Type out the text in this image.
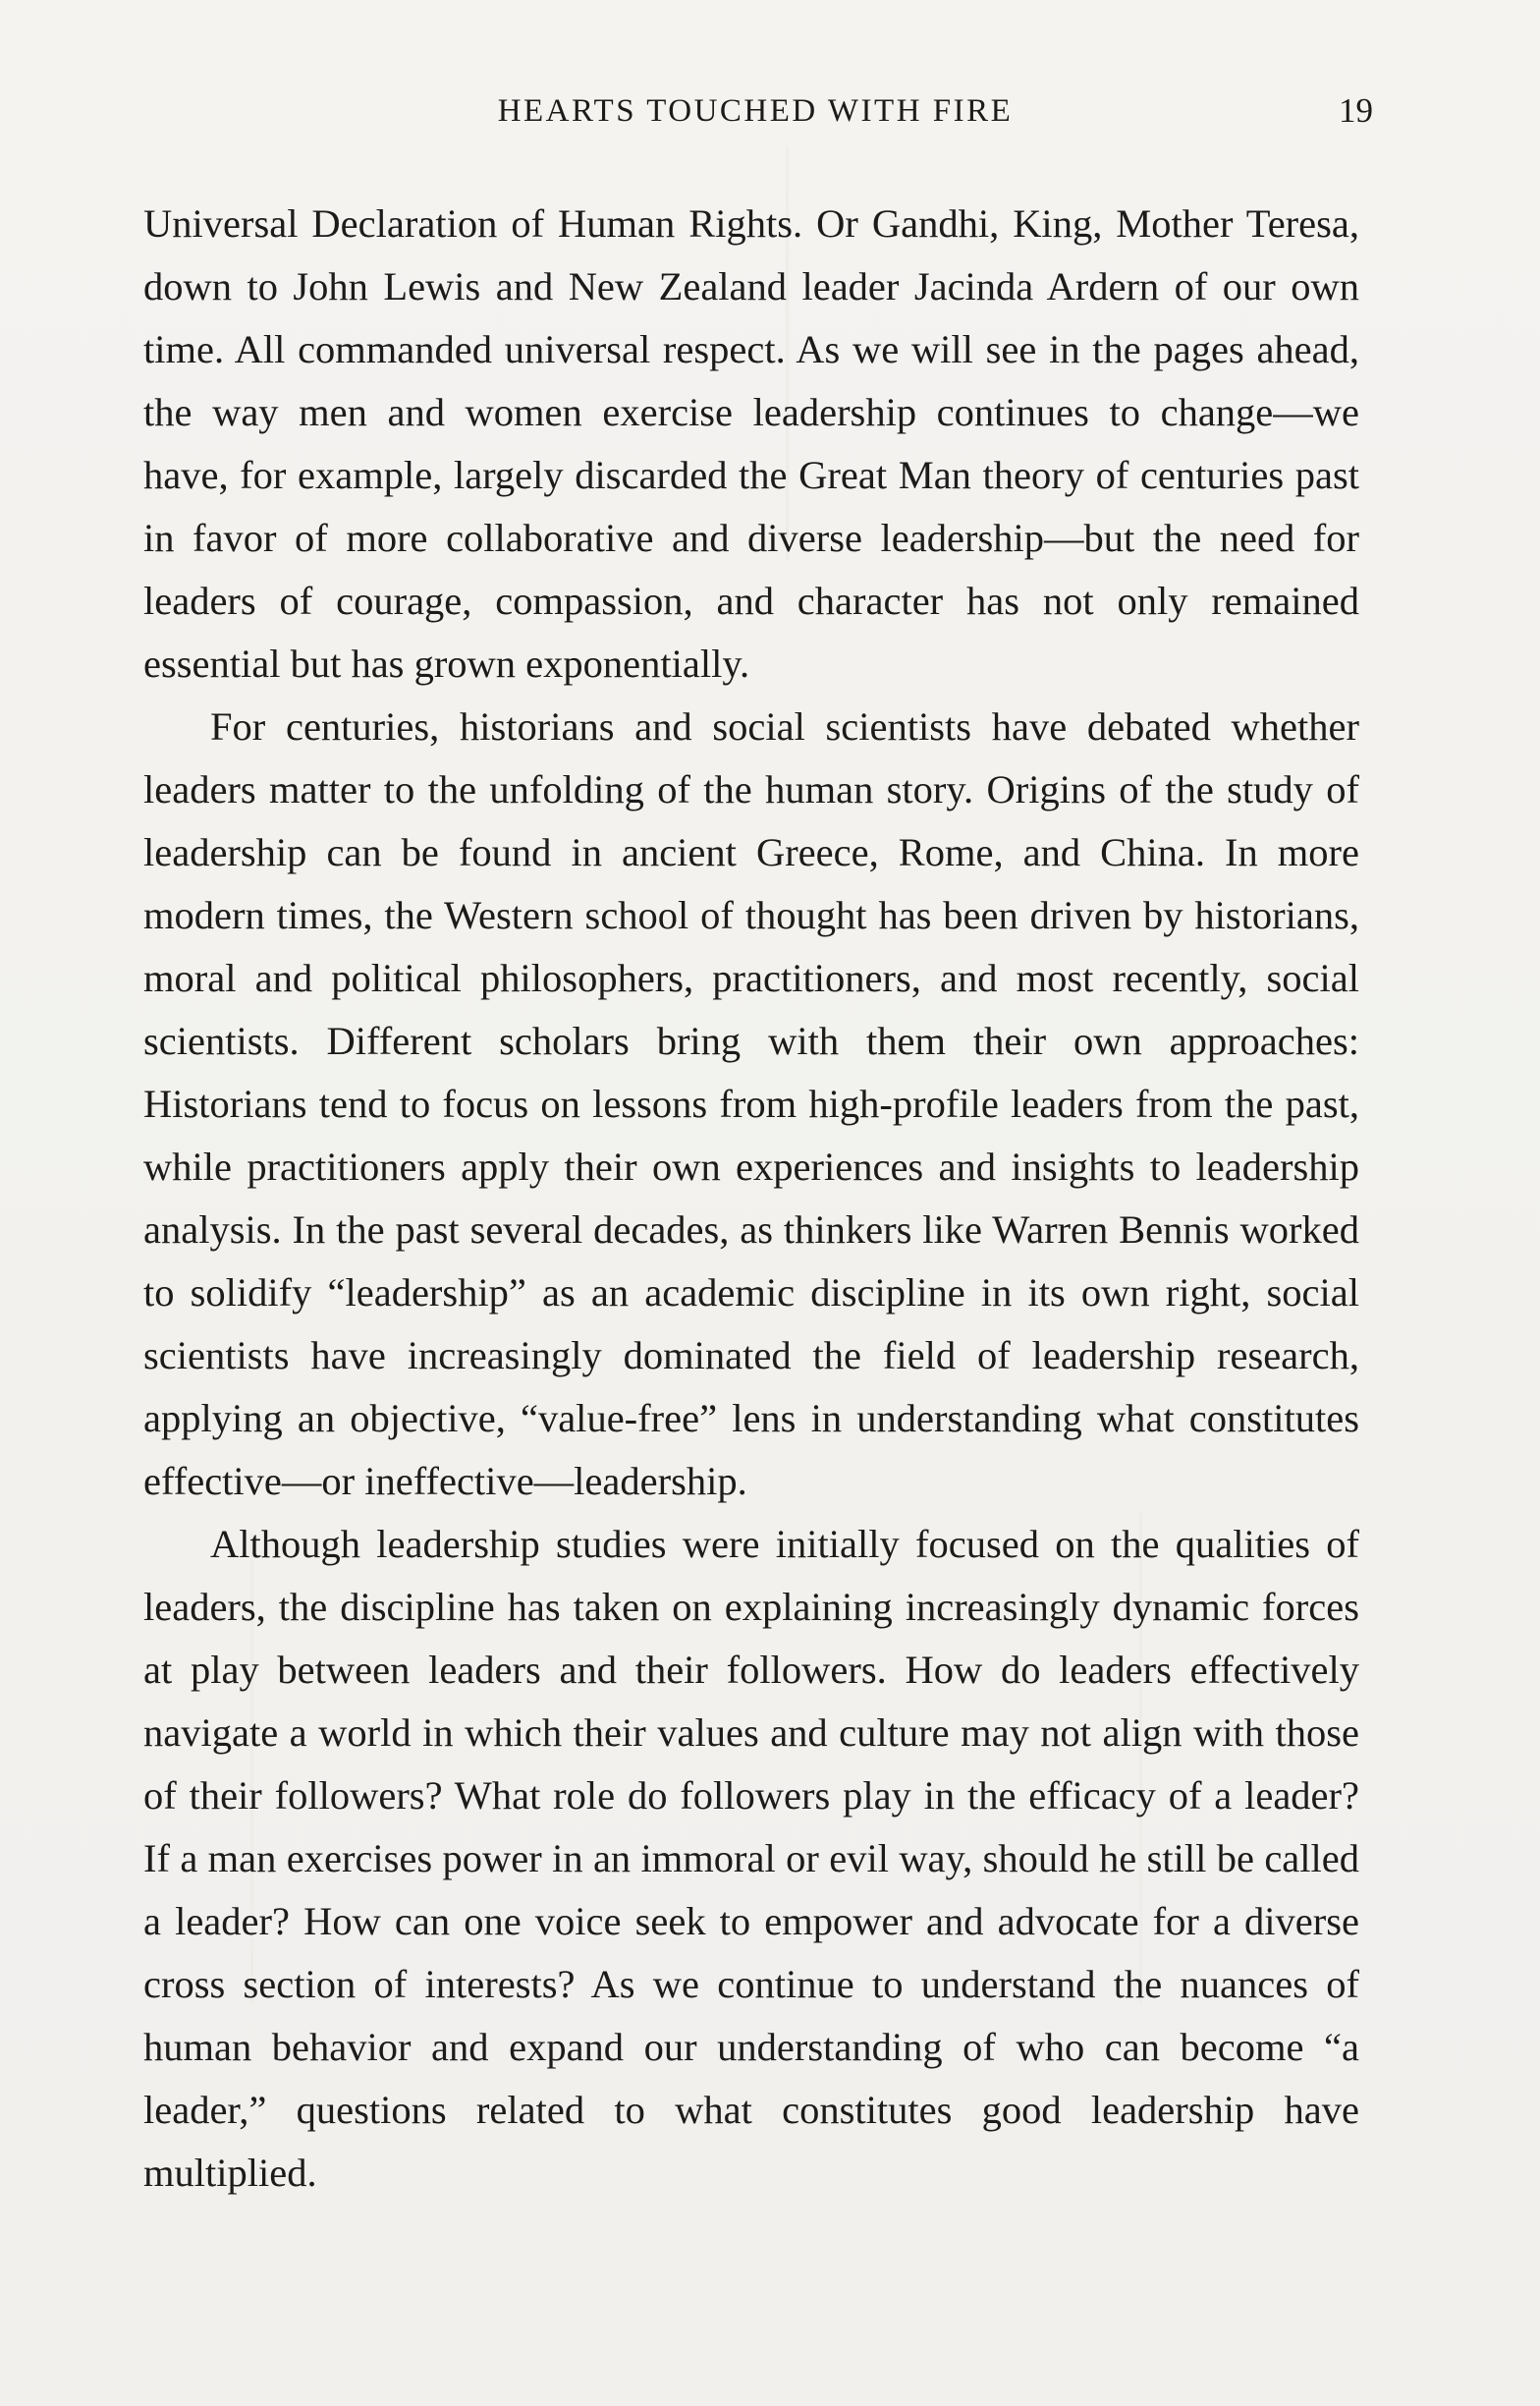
HEARTS TOUCHED WITH FIRE	19

Universal Declaration of Human Rights. Or Gandhi, King, Mother Teresa, down to John Lewis and New Zealand leader Jacinda Ardern of our own time. All commanded universal respect. As we will see in the pages ahead, the way men and women exercise leadership continues to change—we have, for example, largely discarded the Great Man theory of centuries past in favor of more collaborative and diverse leadership—but the need for leaders of courage, compassion, and character has not only remained essential but has grown exponentially.

For centuries, historians and social scientists have debated whether leaders matter to the unfolding of the human story. Origins of the study of leadership can be found in ancient Greece, Rome, and China. In more modern times, the Western school of thought has been driven by historians, moral and political philosophers, practitioners, and most recently, social scientists. Different scholars bring with them their own approaches: Historians tend to focus on lessons from high-profile leaders from the past, while practitioners apply their own experiences and insights to leadership analysis. In the past several decades, as thinkers like Warren Bennis worked to solidify “leadership” as an academic discipline in its own right, social scientists have increasingly dominated the field of leadership research, applying an objective, “value-free” lens in understanding what constitutes effective—or ineffective—leadership.

Although leadership studies were initially focused on the qualities of leaders, the discipline has taken on explaining increasingly dynamic forces at play between leaders and their followers. How do leaders effectively navigate a world in which their values and culture may not align with those of their followers? What role do followers play in the efficacy of a leader? If a man exercises power in an immoral or evil way, should he still be called a leader? How can one voice seek to empower and advocate for a diverse cross section of interests? As we continue to understand the nuances of human behavior and expand our understanding of who can become “a leader,” questions related to what constitutes good leadership have multiplied.
